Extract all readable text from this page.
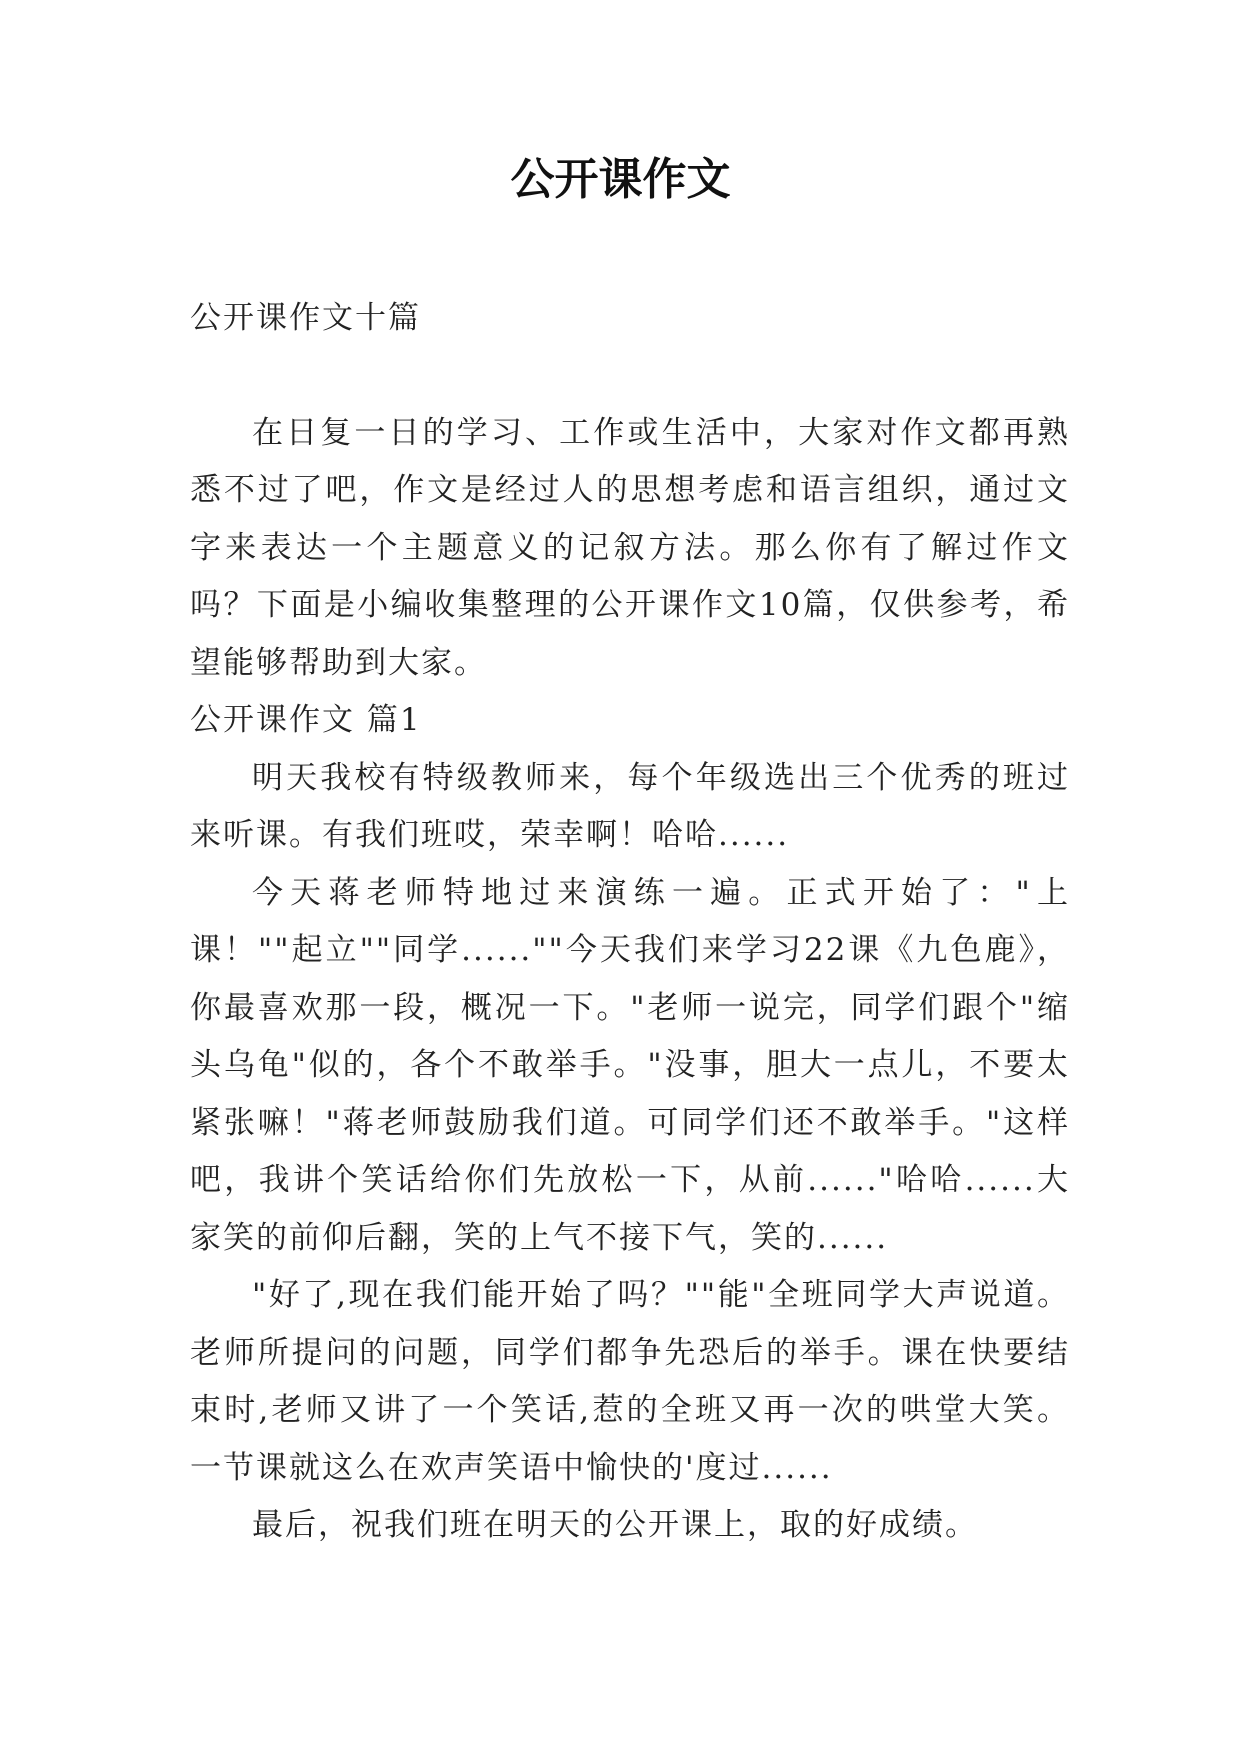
公开课作文

公开课作文十篇

在日复一日的学习、工作或生活中，大家对作文都再熟悉不过了吧，作文是经过人的思想考虑和语言组织，通过文字来表达一个主题意义的记叙方法。那么你有了解过作文吗？下面是小编收集整理的公开课作文10篇，仅供参考，希望能够帮助到大家。

公开课作文 篇1

明天我校有特级教师来，每个年级选出三个优秀的班过来听课。有我们班哎，荣幸啊！哈哈......

今天蒋老师特地过来演练一遍。正式开始了："上课！""起立""同学......""今天我们来学习22课《九色鹿》，你最喜欢那一段，概况一下。"老师一说完，同学们跟个"缩头乌龟"似的，各个不敢举手。"没事，胆大一点儿，不要太紧张嘛！"蒋老师鼓励我们道。可同学们还不敢举手。"这样吧，我讲个笑话给你们先放松一下，从前......"哈哈......大家笑的前仰后翻，笑的上气不接下气，笑的......

"好了,现在我们能开始了吗？""能"全班同学大声说道。老师所提问的问题，同学们都争先恐后的举手。课在快要结束时,老师又讲了一个笑话,惹的全班又再一次的哄堂大笑。一节课就这么在欢声笑语中愉快的'度过......

最后，祝我们班在明天的公开课上，取的好成绩。
